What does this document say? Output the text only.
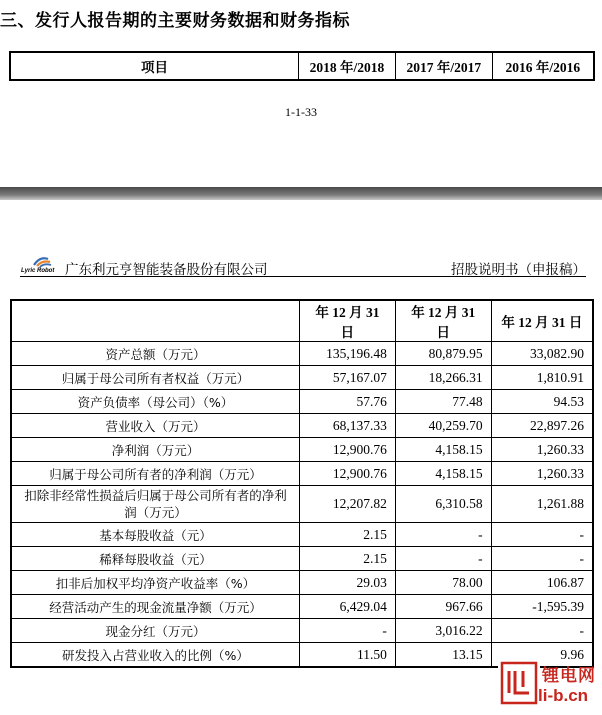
三、发行人报告期的主要财务数据和财务指标
项目	2018 年/2018	2017 年/2017	2016 年/2016
1-1-33
Lyric Robot 广东利元亨智能装备股份有限公司	招股说明书（申报稿）
	年 12 月 31 日	年 12 月 31 日	年 12 月 31 日
资产总额（万元）	135,196.48	80,879.95	33,082.90
归属于母公司所有者权益（万元）	57,167.07	18,266.31	1,810.91
资产负债率（母公司）（%）	57.76	77.48	94.53
营业收入（万元）	68,137.33	40,259.70	22,897.26
净利润（万元）	12,900.76	4,158.15	1,260.33
归属于母公司所有者的净利润（万元）	12,900.76	4,158.15	1,260.33
扣除非经常性损益后归属于母公司所有者的净利润（万元）	12,207.82	6,310.58	1,261.88
基本每股收益（元）	2.15	-	-
稀释每股收益（元）	2.15	-	-
扣非后加权平均净资产收益率（%）	29.03	78.00	106.87
经营活动产生的现金流量净额（万元）	6,429.04	967.66	-1,595.39
现金分红（万元）	-	3,016.22	-
研发投入占营业收入的比例（%）	11.50	13.15	9.96
锂电网
li-b.cn
